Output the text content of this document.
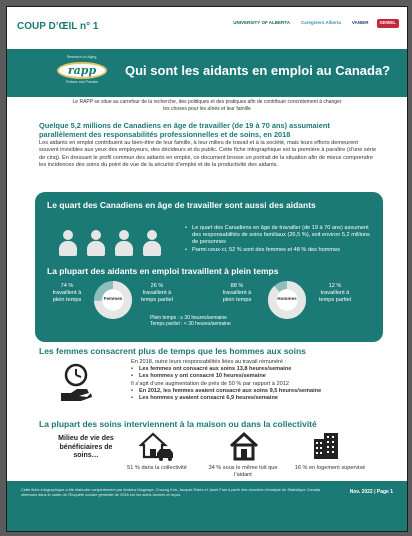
COUP D’ŒIL n° 1	UNIVERSITY OF ALBERTA	Caregivers Alberta	VANIER	GEWEL
Research on Aging,
rapp
Policies and Practice
Qui sont les aidants en emploi au Canada?
Le RAPP se situe au carrefour de la recherche, des politiques et des pratiques afin de contribuer concrètement à changer
les choses pour les aînés et leur famille
Quelque 5,2 millions de Canadiens en âge de travailler (de 19 à 70 ans) assumaient parallèlement des responsabilités professionnelles et de soins, en 2018
Les aidants en emploi contribuent au bien-être de leur famille, à leur milieu de travail et à la société, mais leurs efforts demeurent souvent invisibles aux yeux des employeurs, des décideurs et du public. Cette fiche infographique est la première à paraître (d’une série de cinq). En dressant le profil commun des aidants en emploi, ce document brosse un portrait de la situation afin de mieux comprendre les incidences des soins du point de vue de la sécurité d’emploi et de la productivité des aidants.
Le quart des Canadiens en âge de travailler sont aussi des aidants
• Le quart des Canadiens en âge de travailler (de 19 à 70 ans) assument des responsabilités de soins familiaux (26,5 %), soit environ 5,2 millions de personnes
• Parmi ceux-ci, 52 % sont des femmes et 48 % des hommes
La plupart des aidants en emploi travaillent à plein temps
74 %
travaillent à plein temps	Femmes
26 %
travaillent à temps partiel
88 %
travaillent à plein temps	Hommes
12 %
travaillent à temps partiel
Plein temps : ≥ 30 heures/semaine
Temps partiel : < 30 heures/semaine
Les femmes consacrent plus de temps que les hommes aux soins
En 2018, outre leurs responsabilités liées au travail rémunéré :
• Les femmes ont consacré aux soins 13,8 heures/semaine
• Les hommes y ont consacré 10 heures/semaine
Il s’agit d’une augmentation de près de 50 % par rapport à 2012
• En 2012, les femmes avaient consacré aux soins 9,5 heures/semaine
• Les hommes y avaient consacré 6,9 heures/semaine
La plupart des soins interviennent à la maison ou dans la collectivité
Milieu de vie des bénéficiaires de soins…
51 % dans la collectivité	34 % sous le même toit que l’aidant
16 % en logement supervisé
Cette fiche infographique a été élaborée conjointement par Andrew Magnaye, Choong Kim, Jacquie Eales et Janet Fast à partir des données d’analyse de Statistique Canada obtenues dans le cadre de l’Enquête sociale générale de 2018 sur les soins donnés et reçus.	Nov. 2022 | Page 1
